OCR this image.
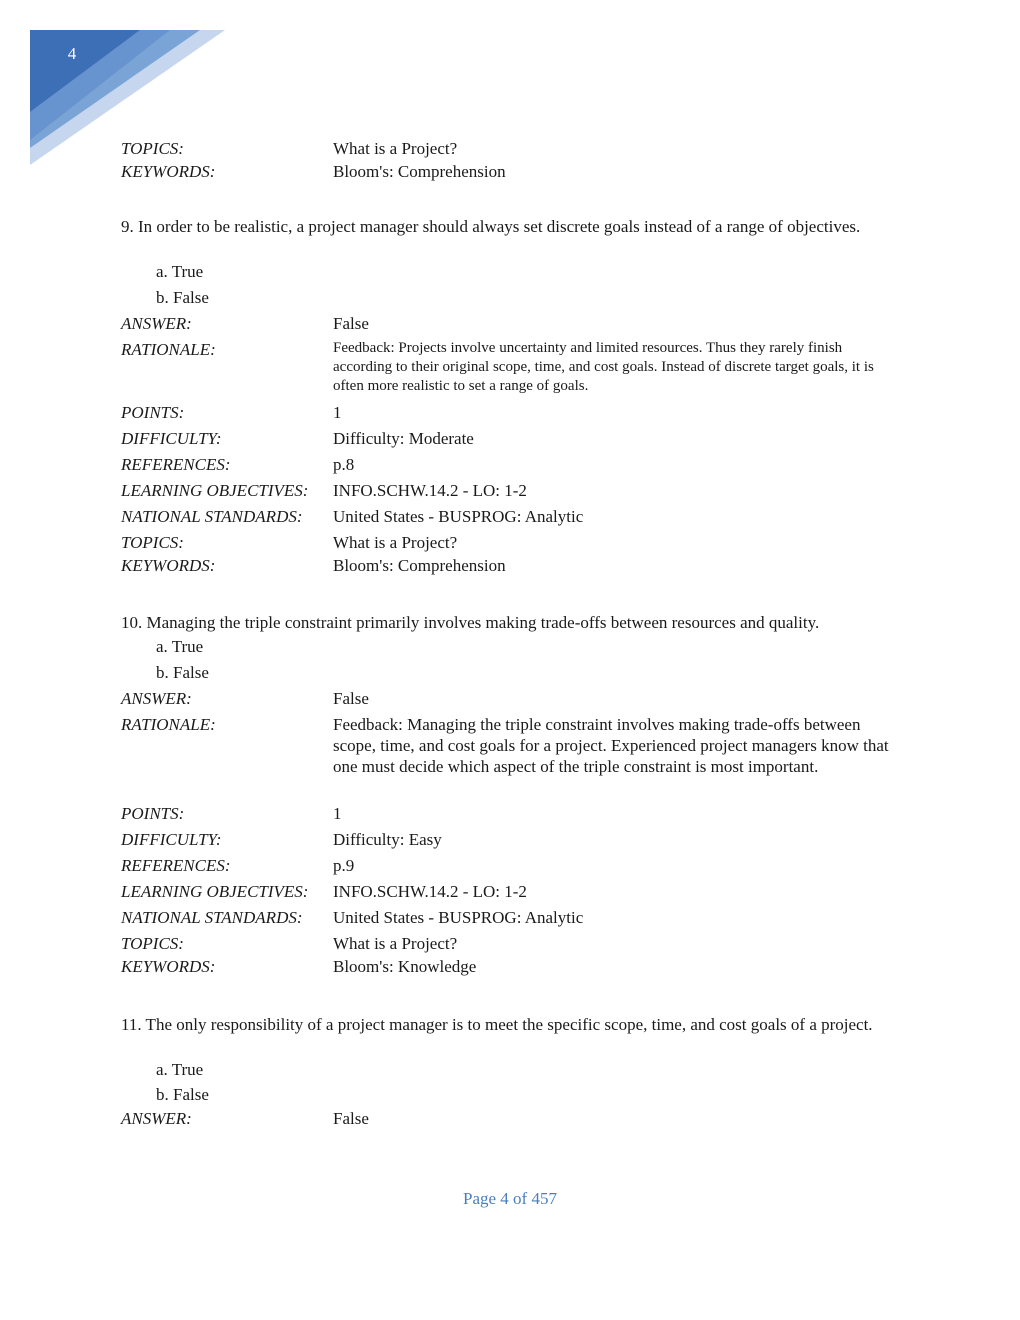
4
TOPICS:	What is a Project?
KEYWORDS:	Bloom's: Comprehension
9. In order to be realistic, a project manager should always set discrete goals instead of a range of objectives.
a. True
b. False
ANSWER:	False
RATIONALE:	Feedback: Projects involve uncertainty and limited resources. Thus they rarely finish according to their original scope, time, and cost goals. Instead of discrete target goals, it is often more realistic to set a range of goals.
POINTS:	1
DIFFICULTY:	Difficulty: Moderate
REFERENCES:	p.8
LEARNING OBJECTIVES: INFO.SCHW.14.2 - LO: 1-2
NATIONAL STANDARDS: United States - BUSPROG: Analytic
TOPICS:	What is a Project?
KEYWORDS:	Bloom's: Comprehension
10. Managing the triple constraint primarily involves making trade-offs between resources and quality.
a. True
b. False
ANSWER:	False
RATIONALE:	Feedback: Managing the triple constraint involves making trade-offs between scope, time, and cost goals for a project. Experienced project managers know that one must decide which aspect of the triple constraint is most important.
POINTS:	1
DIFFICULTY:	Difficulty: Easy
REFERENCES:	p.9
LEARNING OBJECTIVES: INFO.SCHW.14.2 - LO: 1-2
NATIONAL STANDARDS: United States - BUSPROG: Analytic
TOPICS:	What is a Project?
KEYWORDS:	Bloom's: Knowledge
11. The only responsibility of a project manager is to meet the specific scope, time, and cost goals of a project.
a. True
b. False
ANSWER:	False
Page 4 of 457
